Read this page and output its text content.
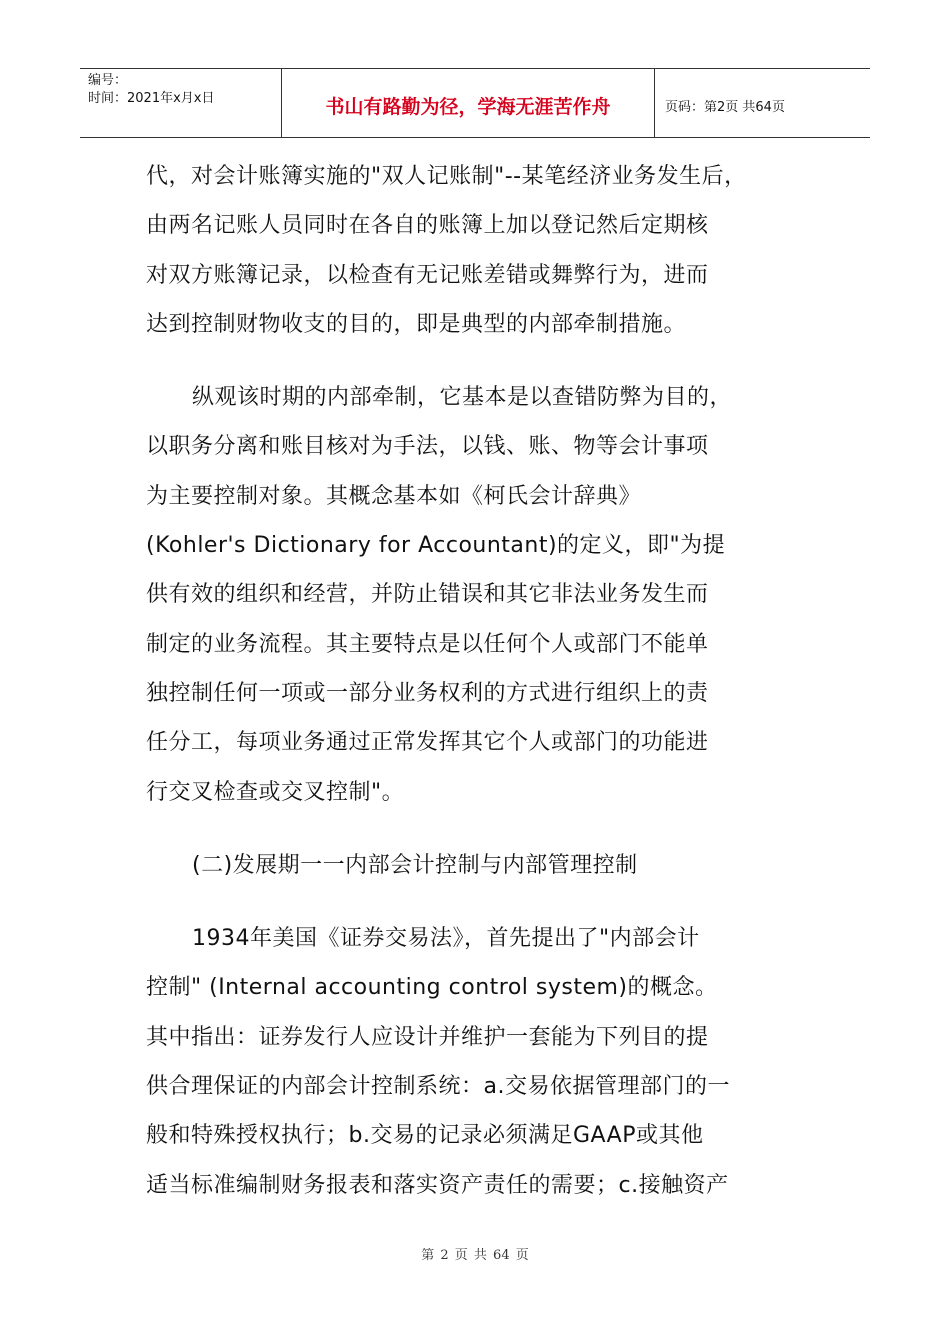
编号：
时间：2021年x月x日	书山有路勤为径，学海无涯苦作舟	页码：第2页 共64页
代，对会计账簿实施的"双人记账制"--某笔经济业务发生后，
由两名记账人员同时在各自的账簿上加以登记然后定期核
对双方账簿记录，以检查有无记账差错或舞弊行为，进而
达到控制财物收支的目的，即是典型的内部牵制措施。
纵观该时期的内部牵制，它基本是以查错防弊为目的，
以职务分离和账目核对为手法，以钱、账、物等会计事项
为主要控制对象。其概念基本如《柯氏会计辞典》
(Kohler's Dictionary for Accountant)的定义，即"为提
供有效的组织和经营，并防止错误和其它非法业务发生而
制定的业务流程。其主要特点是以任何个人或部门不能单
独控制任何一项或一部分业务权利的方式进行组织上的责
任分工，每项业务通过正常发挥其它个人或部门的功能进
行交叉检查或交叉控制"。
(二)发展期一一内部会计控制与内部管理控制
1934年美国《证券交易法》，首先提出了"内部会计
控制" (Internal accounting control system)的概念。
其中指出：证券发行人应设计并维护一套能为下列目的提
供合理保证的内部会计控制系统：a.交易依据管理部门的一
般和特殊授权执行；b.交易的记录必须满足GAAP或其他
适当标准编制财务报表和落实资产责任的需要；c.接触资产
第 2 页 共 64 页
